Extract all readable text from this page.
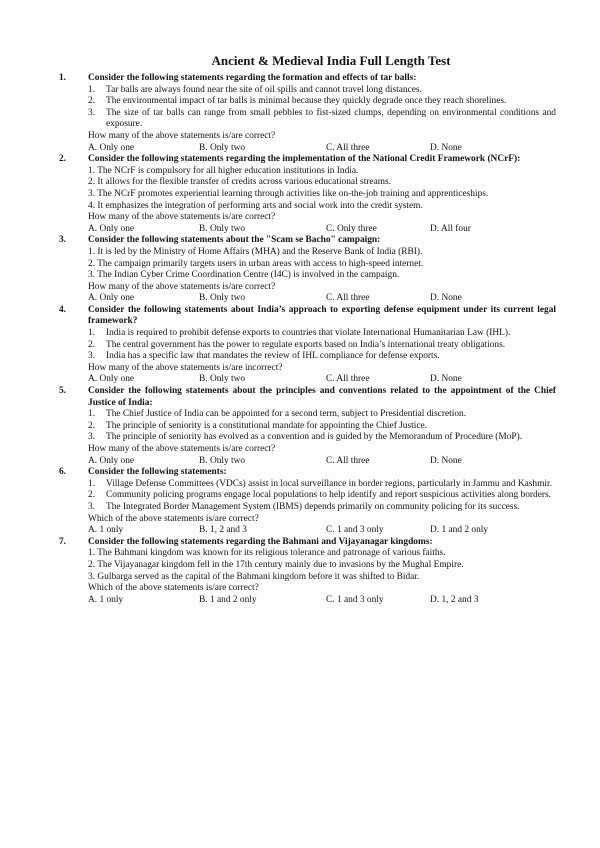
Ancient & Medieval India Full Length Test
1. Consider the following statements regarding the formation and effects of tar balls:
1. Tar balls are always found near the site of oil spills and cannot travel long distances.
2. The environmental impact of tar balls is minimal because they quickly degrade once they reach shorelines.
3. The size of tar balls can range from small pebbles to fist-sized clumps, depending on environmental conditions and exposure.
How many of the above statements is/are correct?
A. Only one	B. Only two	C. All three	D. None
2. Consider the following statements regarding the implementation of the National Credit Framework (NCrF):
1. The NCrF is compulsory for all higher education institutions in India.
2. It allows for the flexible transfer of credits across various educational streams.
3. The NCrF promotes experiential learning through activities like on-the-job training and apprenticeships.
4. It emphasizes the integration of performing arts and social work into the credit system.
How many of the above statements is/are correct?
A. Only one	B. Only two	C. Only three	D. All four
3. Consider the following statements about the "Scam se Bacho" campaign:
1. It is led by the Ministry of Home Affairs (MHA) and the Reserve Bank of India (RBI).
2. The campaign primarily targets users in urban areas with access to high-speed internet.
3. The Indian Cyber Crime Coordination Centre (I4C) is involved in the campaign.
How many of the above statements is/are correct?
A. Only one	B. Only two	C. All three	D. None
4. Consider the following statements about India’s approach to exporting defense equipment under its current legal framework?
1. India is required to prohibit defense exports to countries that violate International Humanitarian Law (IHL).
2. The central government has the power to regulate exports based on India’s international treaty obligations.
3. India has a specific law that mandates the review of IHL compliance for defense exports.
How many of the above statements is/are incorrect?
A. Only one	B. Only two	C. All three	D. None
5. Consider the following statements about the principles and conventions related to the appointment of the Chief Justice of India:
1. The Chief Justice of India can be appointed for a second term, subject to Presidential discretion.
2. The principle of seniority is a constitutional mandate for appointing the Chief Justice.
3. The principle of seniority has evolved as a convention and is guided by the Memorandum of Procedure (MoP).
How many of the above statements is/are correct?
A. Only one	B. Only two	C. All three	D. None
6. Consider the following statements:
1. Village Defense Committees (VDCs) assist in local surveillance in border regions, particularly in Jammu and Kashmir.
2. Community policing programs engage local populations to help identify and report suspicious activities along borders.
3. The Integrated Border Management System (IBMS) depends primarily on community policing for its success.
Which of the above statements is/are correct?
A. 1 only	B. 1, 2 and 3	C. 1 and 3 only	D. 1 and 2 only
7. Consider the following statements regarding the Bahmani and Vijayanagar kingdoms:
1. The Bahmani kingdom was known for its religious tolerance and patronage of various faiths.
2. The Vijayanagar kingdom fell in the 17th century mainly due to invasions by the Mughal Empire.
3. Gulbarga served as the capital of the Bahmani kingdom before it was shifted to Bidar.
Which of the above statements is/are correct?
A. 1 only	B. 1 and 2 only	C. 1 and 3 only	D. 1, 2 and 3
